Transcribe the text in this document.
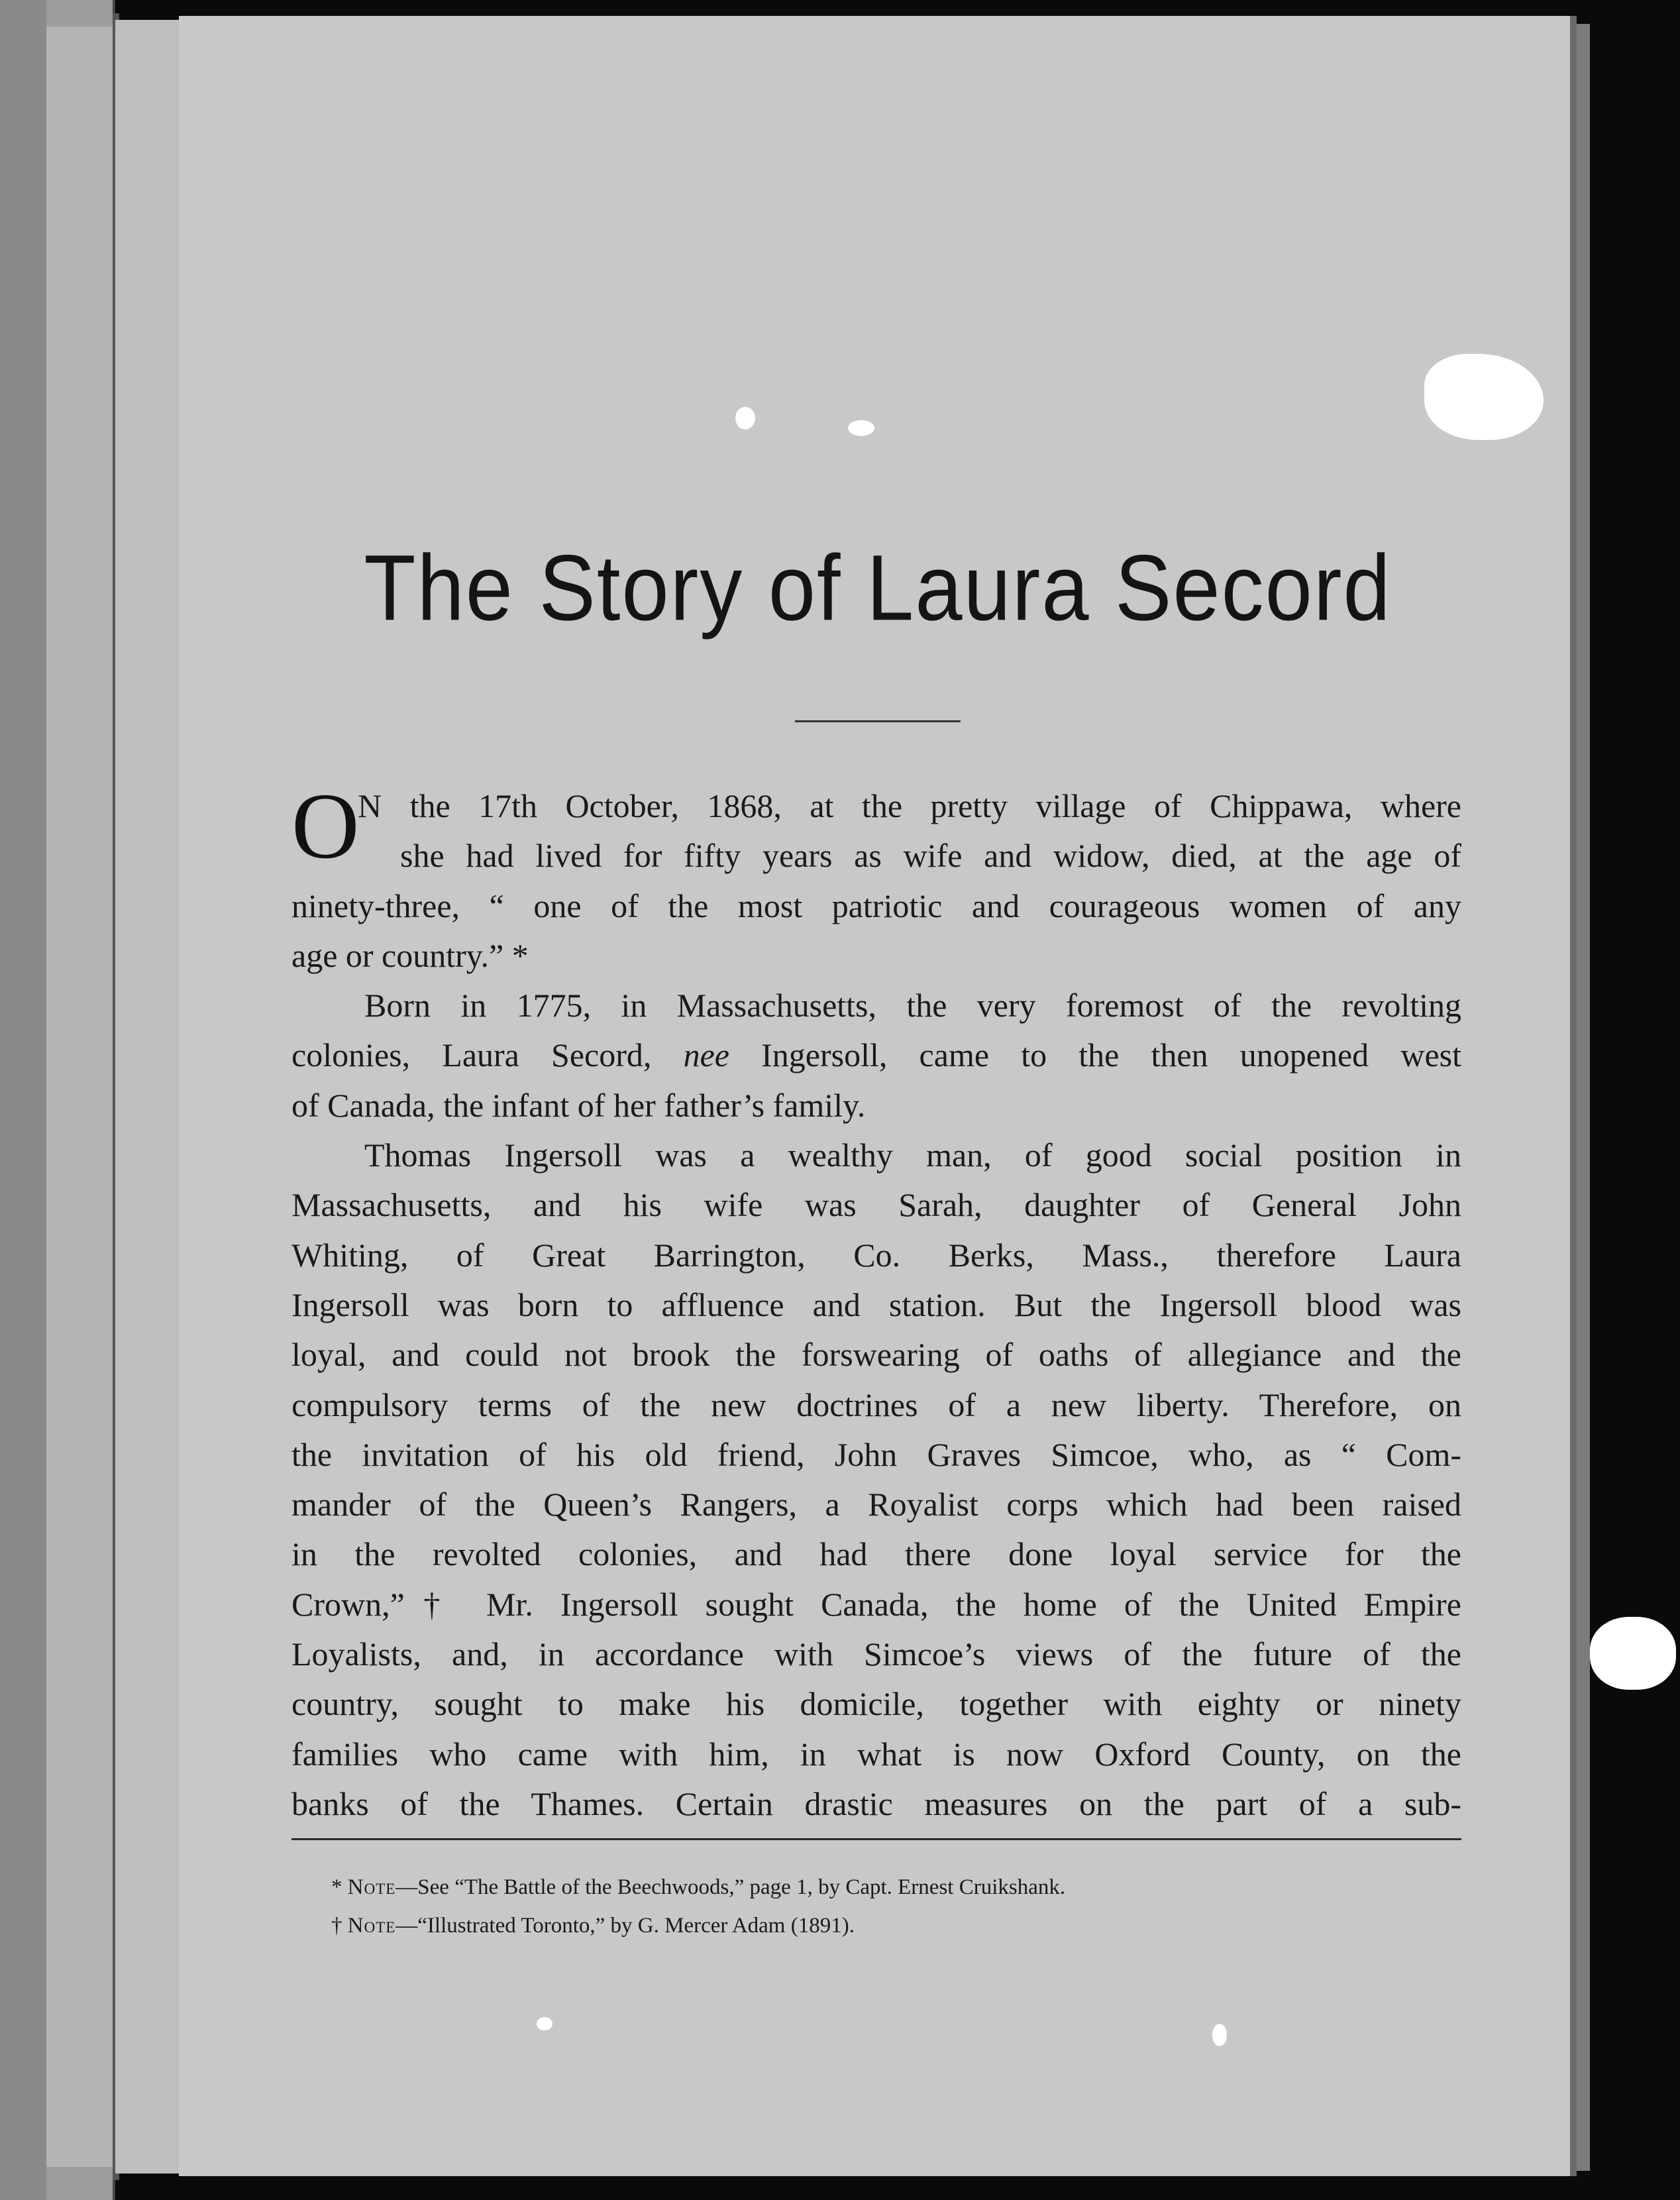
The Story of Laura Secord
O
N the 17th October, 1868, at the pretty village of Chippawa, where
she had lived for fifty years as wife and widow, died, at the age of
ninety-three, “ one of the most patriotic and courageous women of any
age or country.” *
Born in 1775, in Massachusetts, the very foremost of the revolting
colonies, Laura Secord, nee Ingersoll, came to the then unopened west
of Canada, the infant of her father’s family.
Thomas Ingersoll was a wealthy man, of good social position in
Massachusetts, and his wife was Sarah, daughter of General John
Whiting, of Great Barrington, Co. Berks, Mass., therefore Laura
Ingersoll was born to affluence and station. But the Ingersoll blood was
loyal, and could not brook the forswearing of oaths of allegiance and the
compulsory terms of the new doctrines of a new liberty. Therefore, on
the invitation of his old friend, John Graves Simcoe, who, as “ Com-
mander of the Queen’s Rangers, a Royalist corps which had been raised
in the revolted colonies, and had there done loyal service for the
Crown,”† Mr. Ingersoll sought Canada, the home of the United Empire
Loyalists, and, in accordance with Simcoe’s views of the future of the
country, sought to make his domicile, together with eighty or ninety
families who came with him, in what is now Oxford County, on the
banks of the Thames. Certain drastic measures on the part of a sub-
* Note—See “The Battle of the Beechwoods,” page 1, by Capt. Ernest Cruikshank.
† Note—“Illustrated Toronto,” by G. Mercer Adam (1891).
